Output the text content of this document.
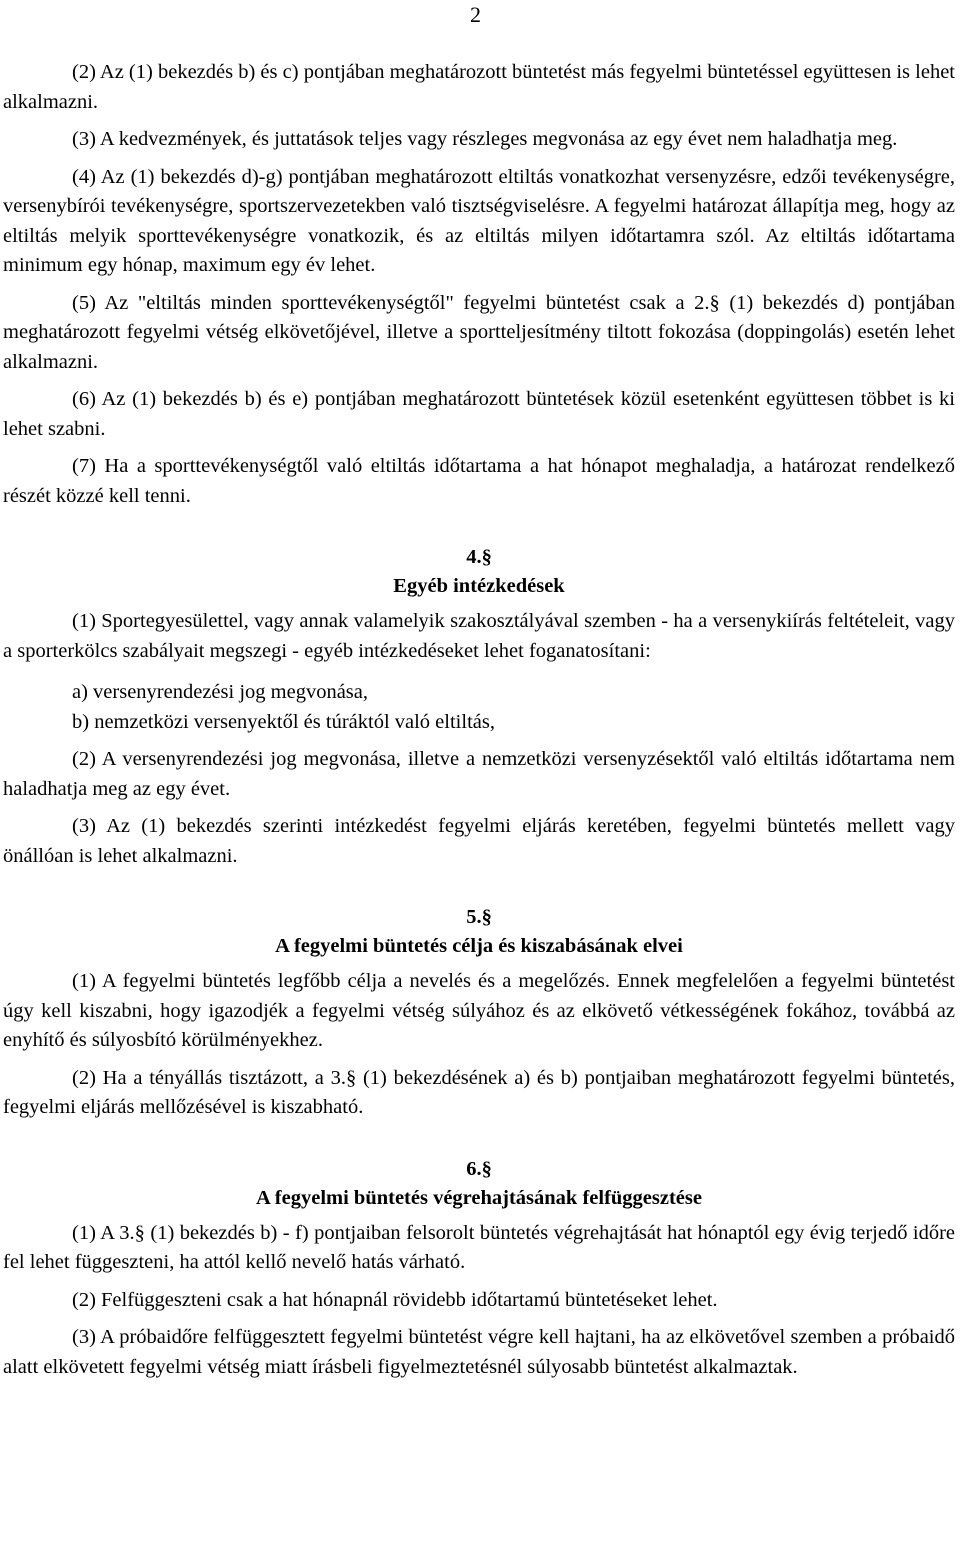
2

(2) Az (1) bekezdés b) és c) pontjában meghatározott büntetést más fegyelmi büntetéssel együttesen is lehet alkalmazni.

(3) A kedvezmények, és juttatások teljes vagy részleges megvonása az egy évet nem haladhatja meg.

(4) Az (1) bekezdés d)-g) pontjában meghatározott eltiltás vonatkozhat versenyzésre, edzői tevékenységre, versenybírói tevékenységre, sportszervezetekben való tisztségviselésre. A fegyelmi határozat állapítja meg, hogy az eltiltás melyik sporttevékenységre vonatkozik, és az eltiltás milyen időtartamra szól. Az eltiltás időtartama minimum egy hónap, maximum egy év lehet.

(5) Az "eltiltás minden sporttevékenységtől" fegyelmi büntetést csak a 2.§ (1) bekezdés d) pontjában meghatározott fegyelmi vétség elkövetőjével, illetve a sportteljesítmény tiltott fokozása (doppingolás) esetén lehet alkalmazni.

(6) Az (1) bekezdés b) és e) pontjában meghatározott büntetések közül esetenként együttesen többet is ki lehet szabni.

(7) Ha a sporttevékenységtől való eltiltás időtartama a hat hónapot meghaladja, a határozat rendelkező részét közzé kell tenni.

4.§
Egyéb intézkedések

(1) Sportegyesülettel, vagy annak valamelyik szakosztályával szemben - ha a versenykiírás feltételeit, vagy a sporterkölcs szabályait megszegi - egyéb intézkedéseket lehet foganatosítani:

a) versenyrendezési jog megvonása,

b) nemzetközi versenyektől és túráktól való eltiltás,

(2) A versenyrendezési jog megvonása, illetve a nemzetközi versenyzésektől való eltiltás időtartama nem haladhatja meg az egy évet.

(3) Az (1) bekezdés szerinti intézkedést fegyelmi eljárás keretében, fegyelmi büntetés mellett vagy önállóan is lehet alkalmazni.

5.§
A fegyelmi büntetés célja és kiszabásának elvei

(1) A fegyelmi büntetés legfőbb célja a nevelés és a megelőzés. Ennek megfelelően a fegyelmi büntetést úgy kell kiszabni, hogy igazodjék a fegyelmi vétség súlyához és az elkövető vétkességének fokához, továbbá az enyhítő és súlyosbító körülményekhez.

(2) Ha a tényállás tisztázott, a 3.§ (1) bekezdésének a) és b) pontjaiban meghatározott fegyelmi büntetés, fegyelmi eljárás mellőzésével is kiszabható.

6.§
A fegyelmi büntetés végrehajtásának felfüggesztése

(1) A 3.§ (1) bekezdés b) - f) pontjaiban felsorolt büntetés végrehajtását hat hónaptól egy évig terjedő időre fel lehet függeszteni, ha attól kellő nevelő hatás várható.

(2) Felfüggeszteni csak a hat hónapnál rövidebb időtartamú büntetéseket lehet.

(3) A próbaidőre felfüggesztett fegyelmi büntetést végre kell hajtani, ha az elkövetővel szemben a próbaidő alatt elkövetett fegyelmi vétség miatt írásbeli figyelmeztetésnél súlyosabb büntetést alkalmaztak.
